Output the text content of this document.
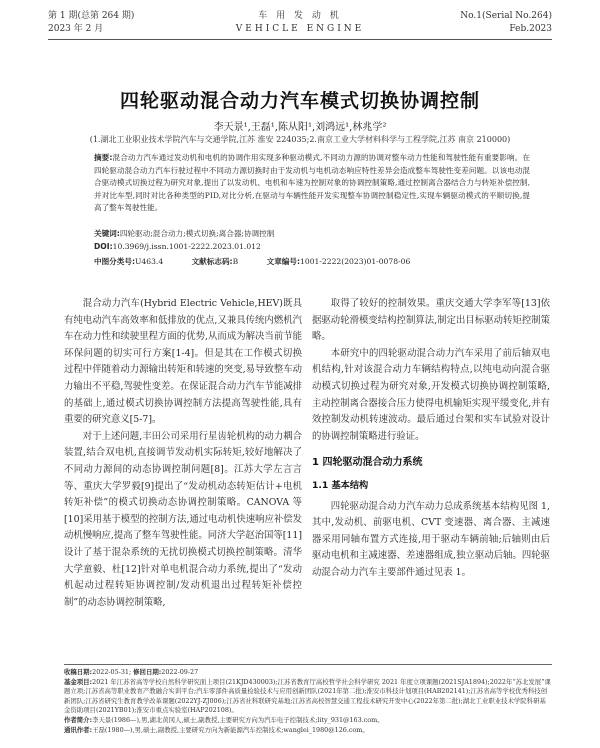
第 1 期(总第 264 期)
2023 年 2 月
车 用 发 动 机
VEHICLE ENGINE
No.1(Serial No.264)
Feb.2023
四轮驱动混合动力汽车模式切换协调控制
李天景¹,王磊¹,陈从阳¹,刘鸿远¹,林兆学²
(1.湖北工业职业技术学院汽车与交通学院,江苏 淮安 224035;2.南京工业大学材料科学与工程学院,江苏 南京 210000)
摘要:混合动力汽车通过发动机和电机的协调作用实现多种驱动模式,不同动力源的协调对整车动力性能和驾驶性能有重要影响。在四轮驱动混合动力汽车行驶过程中不同动力源切换时由于发动机与电机动态响应特性差异会造成整车驾驶性变差问题。以该电动混合驱动模式切换过程为研究对象,提出了以发动机、电机和车速为控制对象的协调控制策略,通过控制离合器结合力与转矩补偿控制,并对比车型,同时对比各种类型的PID,对比分析,在驱动与车辆性能开发实现整车协调控制稳定性,实现车辆驱动模式的平顺切换,提高了整车驾驶性能。
关键词:四轮驱动;混合动力;模式切换;离合器;协调控制
DOI:10.3969/j.issn.1001-2222.2023.01.012
中图分类号:U463.4	文献标志码:B	文章编号:1001-2222(2023)01-0078-06

混合动力汽车(Hybrid Electric Vehicle,HEV)既具有纯电动汽车高效率和低排放的优点,又兼具传统内燃机汽车在动力性和续驶里程方面的优势,从而成为解决当前节能环保问题的切实可行方案[1-4]。但是其在工作模式切换过程中伴随着动力源输出转矩和转速的突变,易导致整车动力输出不平稳,驾驶性变差。在保证混合动力汽车节能减排的基础上,通过模式切换协调控制方法提高驾驶性能,具有重要的研究意义[5-7]。

对于上述问题,丰田公司采用行星齿轮机构的动力耦合装置,结合双电机,直接调节发动机实际转矩,较好地解决了不同动力源间的动态协调控制问题[8]。江苏大学左言言等、重庆大学罗毅[9]提出了“发动机动态转矩估计+电机转矩补偿”的模式切换动态协调控制策略。CANOVA 等[10]采用基于模型的控制方法,通过电动机快速响应补偿发动机慢响应,提高了整车驾驶性能。同济大学赵治国等[11]设计了基于混杂系统的无扰切换模式切换控制策略。清华大学童毅、杜[12]针对单电机混合动力系统,提出了“发动机起动过程转矩协调控制/发动机退出过程转矩补偿控制”的动态协调控制策略,

取得了较好的控制效果。重庆交通大学李军等[13]依据驱动轮滑模变结构控制算法,制定出目标驱动转矩控制策略。

本研究中的四轮驱动混合动力汽车采用了前后轴双电机结构,针对该混合动力车辆结构特点,以纯电动向混合驱动模式切换过程为研究对象,开发模式切换协调控制策略,主动控制离合器接合压力使得电机输矩实现平缓变化,并有效控制发动机转速波动。最后通过台架和实车试验对设计的协调控制策略进行验证。

1 四轮驱动混合动力系统
1.1 基本结构

四轮驱动混合动力汽车动力总成系统基本结构见图 1,其中,发动机、前驱电机、CVT 变速器、离合器、主减速器采用同轴布置方式连接,用于驱动车辆前轴;后轴则由后驱动电机和主减速器、差速器组成,独立驱动后轴。四轮驱动混合动力汽车主要部件通过见表 1。

收稿日期:2022-05-31; 修回日期:2022-09-27
基金项目:2021 年江苏省高等学校自然科学研究面上项目(21KJD430003);江苏省教育厅高校哲学社会科学研究 2021 年度立项课题(2021SJA1894);2022年“苏北发展”课题立项;江苏省高等职业教育产教融合实训平台;汽车零部件高质量检验技术与应用创新团队(2021年第二批);淮安市科技计划项目(HAB202141);江苏省高等学校优秀科技创新团队;江苏省研究生教育教学改革课题(2022YJ-ZJ006);江苏省社科联研究基地;江苏省高校智慧交通工程技术研究开发中心(2022年第二批);湖北工业职业技术学院科研基金资助项目(2021YB01);淮安市重点实验室(HAP202108)。
作者简介:李天景(1986—),男,湖北黄冈人,硕士,副教授,主要研究方向为汽车电子控制技术;lity_931@163.com。
通讯作者:王磊(1980—),男,硕士,副教授,主要研究方向为新能源汽车控制技术;wanglei_1980@126.com。
